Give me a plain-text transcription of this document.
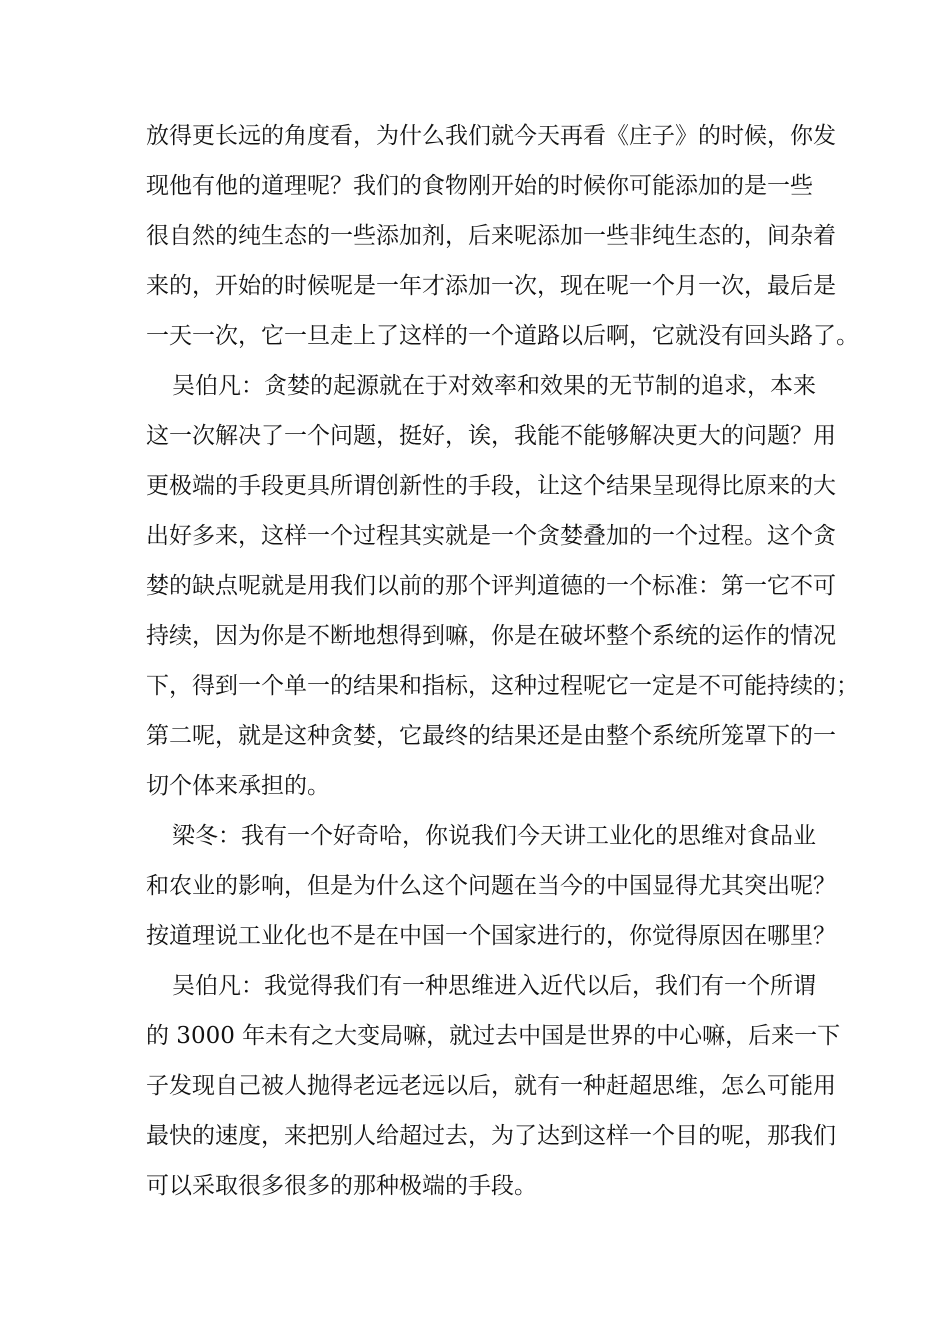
放得更长远的角度看，为什么我们就今天再看《庄子》的时候，你发
现他有他的道理呢？我们的食物刚开始的时候你可能添加的是一些
很自然的纯生态的一些添加剂，后来呢添加一些非纯生态的，间杂着
来的，开始的时候呢是一年才添加一次，现在呢一个月一次，最后是
一天一次，它一旦走上了这样的一个道路以后啊，它就没有回头路了。
吴伯凡：贪婪的起源就在于对效率和效果的无节制的追求，本来
这一次解决了一个问题，挺好，诶，我能不能够解决更大的问题？用
更极端的手段更具所谓创新性的手段，让这个结果呈现得比原来的大
出好多来，这样一个过程其实就是一个贪婪叠加的一个过程。这个贪
婪的缺点呢就是用我们以前的那个评判道德的一个标准：第一它不可
持续，因为你是不断地想得到嘛，你是在破坏整个系统的运作的情况
下，得到一个单一的结果和指标，这种过程呢它一定是不可能持续的；
第二呢，就是这种贪婪，它最终的结果还是由整个系统所笼罩下的一
切个体来承担的。
梁冬：我有一个好奇哈，你说我们今天讲工业化的思维对食品业
和农业的影响，但是为什么这个问题在当今的中国显得尤其突出呢？
按道理说工业化也不是在中国一个国家进行的，你觉得原因在哪里？
吴伯凡：我觉得我们有一种思维进入近代以后，我们有一个所谓
的 3000 年未有之大变局嘛，就过去中国是世界的中心嘛，后来一下
子发现自己被人抛得老远老远以后，就有一种赶超思维，怎么可能用
最快的速度，来把别人给超过去，为了达到这样一个目的呢，那我们
可以采取很多很多的那种极端的手段。
